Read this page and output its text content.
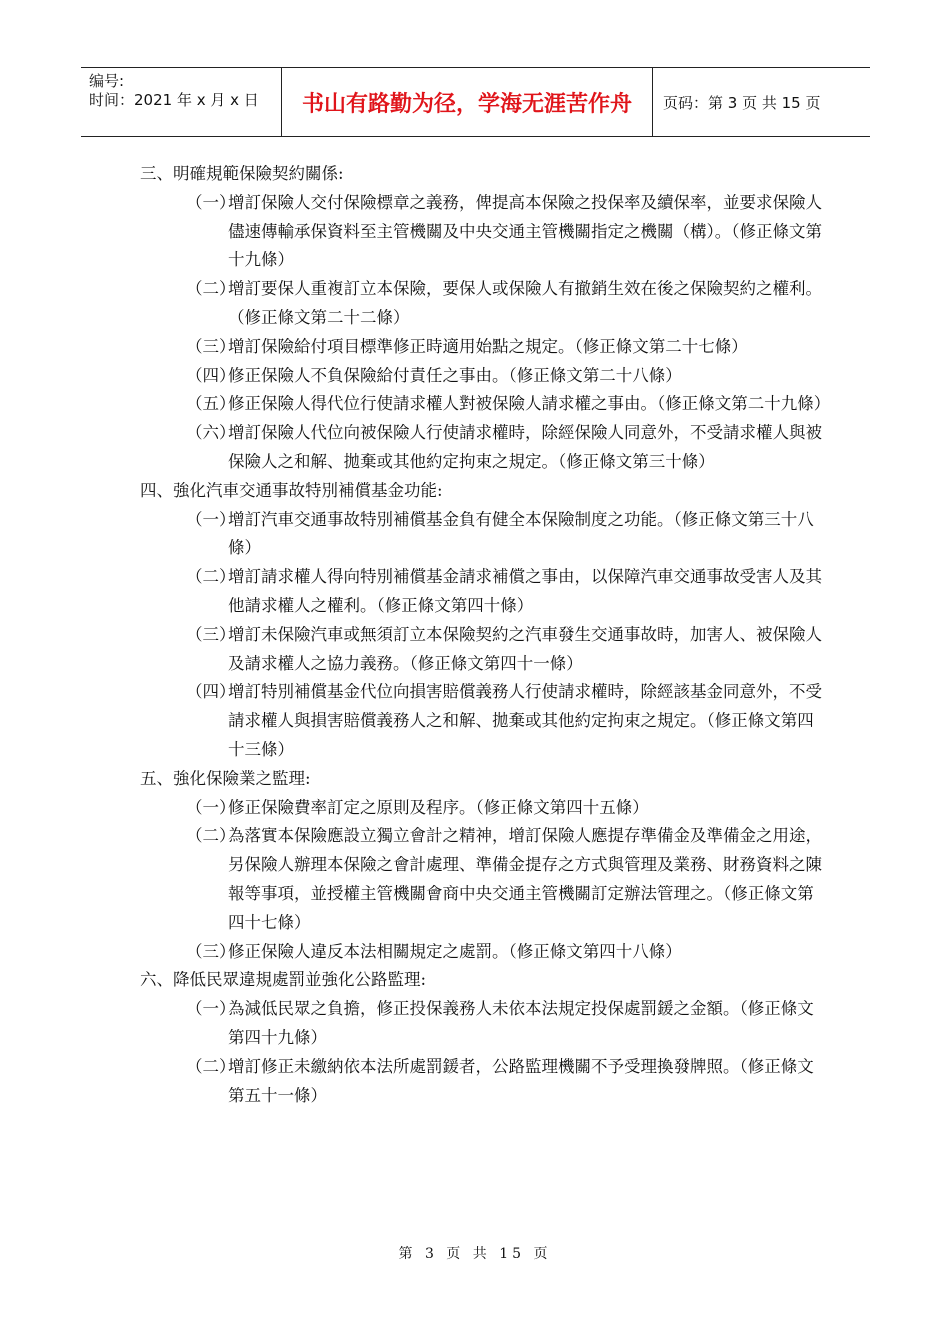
编号:
时间：2021 年 x 月 x 日	书山有路勤为径，学海无涯苦作舟	页码：第 3 页 共 15 页
三、明確規範保險契約關係:
（一）
增訂保險人交付保險標章之義務，俾提高本保險之投保率及續保率，並要求保險人儘速傳輸承保資料至主管機關及中央交通主管機關指定之機關（構）。（修正條文第十九條）
（二）
增訂要保人重複訂立本保險，要保人或保險人有撤銷生效在後之保險契約之權利。（修正條文第二十二條）
（三）
增訂保險給付項目標準修正時適用始點之規定。（修正條文第二十七條）
（四）
修正保險人不負保險給付責任之事由。（修正條文第二十八條）
（五）
修正保險人得代位行使請求權人對被保險人請求權之事由。（修正條文第二十九條）
（六）
增訂保險人代位向被保險人行使請求權時，除經保險人同意外，不受請求權人與被保險人之和解、拋棄或其他約定拘束之規定。（修正條文第三十條）
四、強化汽車交通事故特別補償基金功能:
（一）
增訂汽車交通事故特別補償基金負有健全本保險制度之功能。（修正條文第三十八條）
（二）
增訂請求權人得向特別補償基金請求補償之事由，以保障汽車交通事故受害人及其他請求權人之權利。（修正條文第四十條）
（三）
增訂未保險汽車或無須訂立本保險契約之汽車發生交通事故時，加害人、被保險人及請求權人之協力義務。（修正條文第四十一條）
（四）
增訂特別補償基金代位向損害賠償義務人行使請求權時，除經該基金同意外，不受請求權人與損害賠償義務人之和解、拋棄或其他約定拘束之規定。（修正條文第四十三條）
五、強化保險業之監理:
（一）
修正保險費率訂定之原則及程序。（修正條文第四十五條）
（二）
為落實本保險應設立獨立會計之精神，增訂保險人應提存準備金及準備金之用途，另保險人辦理本保險之會計處理、準備金提存之方式與管理及業務、財務資料之陳報等事項，並授權主管機關會商中央交通主管機關訂定辦法管理之。（修正條文第四十七條）
（三）
修正保險人違反本法相關規定之處罰。（修正條文第四十八條）
六、降低民眾違規處罰並強化公路監理:
（一）
為減低民眾之負擔，修正投保義務人未依本法規定投保處罰鍰之金額。（修正條文第四十九條）
（二）
增訂修正未繳納依本法所處罰鍰者，公路監理機關不予受理換發牌照。（修正條文第五十一條）
第 3 页 共 15 页
